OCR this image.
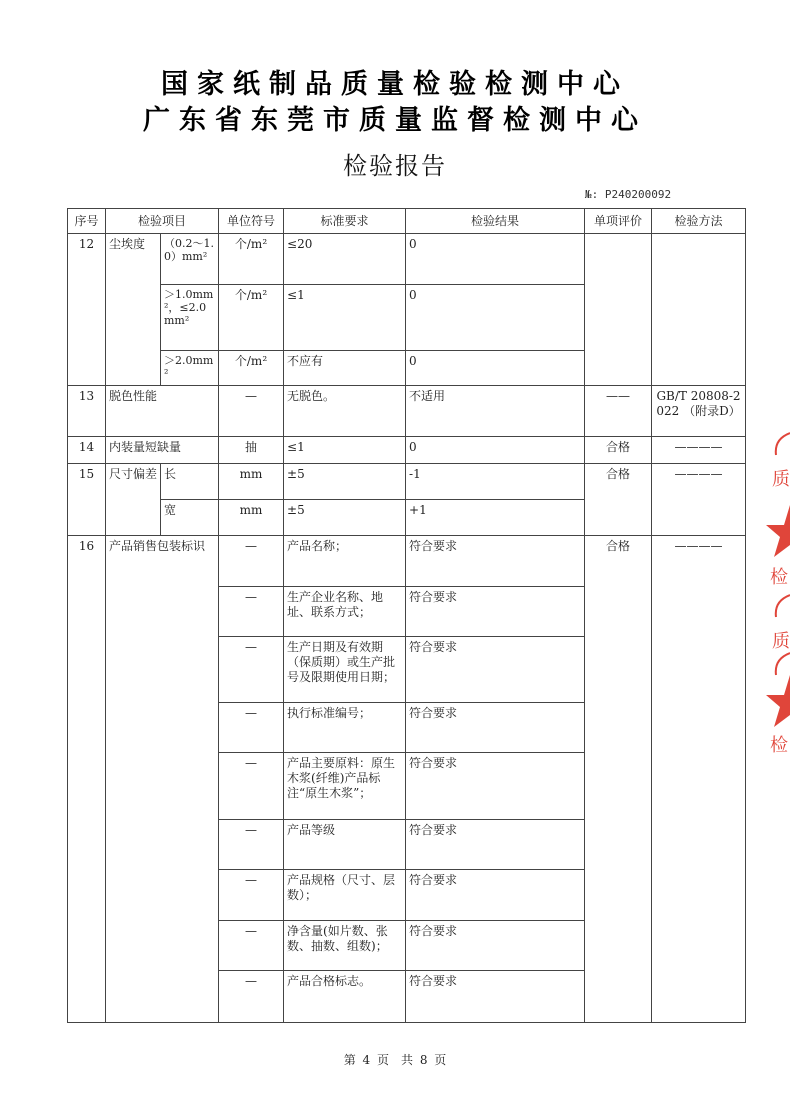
国家纸制品质量检验检测中心
广东省东莞市质量监督检测中心
检验报告
№: P240200092
序号	检验项目		单位符号	标准要求	检验结果	单项评价	检验方法
12	尘埃度	（0.2～1.0）mm²	个/m²	≤20	0		
		＞1.0mm²，≤2.0mm²	个/m²	≤1	0		
		＞2.0mm²	个/m²	不应有	0		
13	脱色性能		—	无脱色。	不适用	——	GB/T 20808-2022 （附录D）
14	内装量短缺量		抽	≤1	0	合格	————
15	尺寸偏差	长	mm	±5	-1	合格	————
		宽	mm	±5	+1		
16	产品销售包装标识		—	产品名称；	符合要求	合格	————
			—	生产企业名称、地址、联系方式；	符合要求		
			—	生产日期及有效期（保质期）或生产批号及限期使用日期；	符合要求		
			—	执行标准编号；	符合要求		
			—	产品主要原料：原生木浆(纤维)产品标注“原生木浆”；	符合要求		
			—	产品等级	符合要求		
			—	产品规格（尺寸、层数）；	符合要求		
			—	净含量(如片数、张数、抽数、组数)；	符合要求		
			—	产品合格标志。	符合要求		
第 4 页　共 8 页
质
检
质
检
